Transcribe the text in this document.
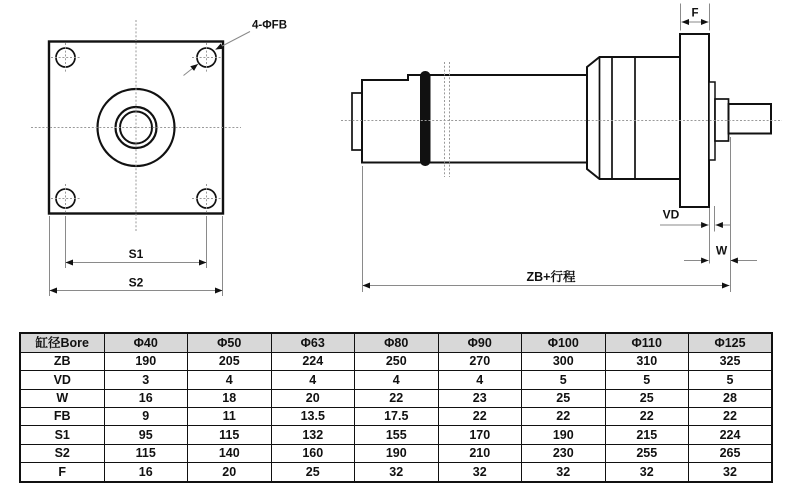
S1
S2
4-ΦFB
F
VD
W
ZB+行程
缸径Bore	Φ40	Φ50	Φ63	Φ80	Φ90	Φ100	Φ110	Φ125
ZB	190	205	224	250	270	300	310	325
VD	3	4	4	4	4	5	5	5
W	16	18	20	22	23	25	25	28
FB	9	11	13.5	17.5	22	22	22	22
S1	95	115	132	155	170	190	215	224
S2	115	140	160	190	210	230	255	265
F	16	20	25	32	32	32	32	32
